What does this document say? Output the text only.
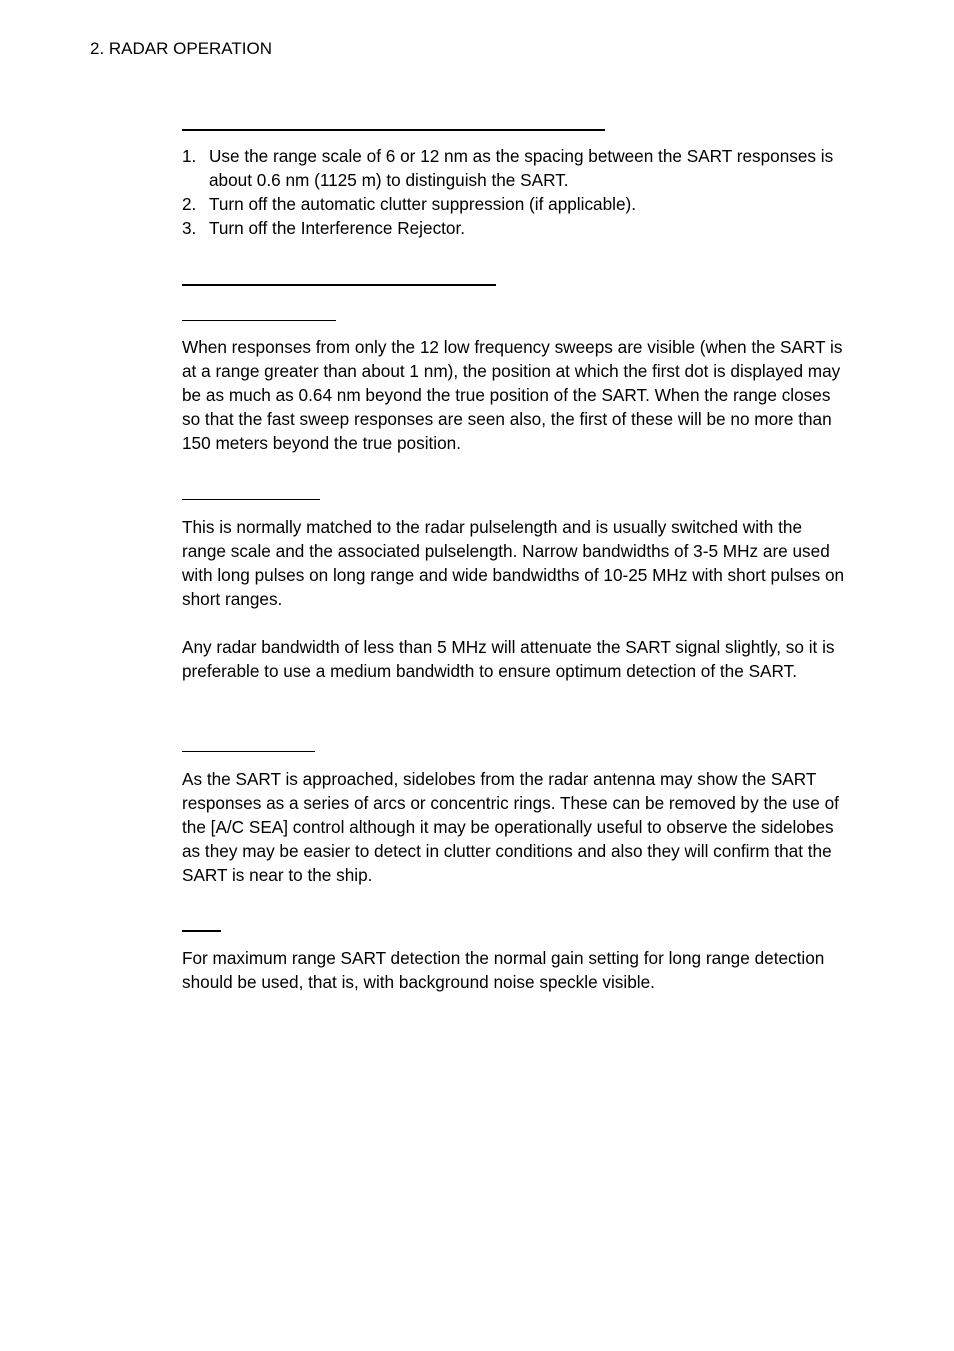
2. RADAR OPERATION
1. Use the range scale of 6 or 12 nm as the spacing between the SART responses is about 0.6 nm (1125 m) to distinguish the SART.
2. Turn off the automatic clutter suppression (if applicable).
3. Turn off the Interference Rejector.

When responses from only the 12 low frequency sweeps are visible (when the SART is at a range greater than about 1 nm), the position at which the first dot is displayed may be as much as 0.64 nm beyond the true position of the SART. When the range closes so that the fast sweep responses are seen also, the first of these will be no more than 150 meters beyond the true position.

This is normally matched to the radar pulselength and is usually switched with the range scale and the associated pulselength. Narrow bandwidths of 3-5 MHz are used with long pulses on long range and wide bandwidths of 10-25 MHz with short pulses on short ranges.

Any radar bandwidth of less than 5 MHz will attenuate the SART signal slightly, so it is preferable to use a medium bandwidth to ensure optimum detection of the SART.

As the SART is approached, sidelobes from the radar antenna may show the SART responses as a series of arcs or concentric rings. These can be removed by the use of the [A/C SEA] control although it may be operationally useful to observe the sidelobes as they may be easier to detect in clutter conditions and also they will confirm that the SART is near to the ship.

For maximum range SART detection the normal gain setting for long range detection should be used, that is, with background noise speckle visible.
